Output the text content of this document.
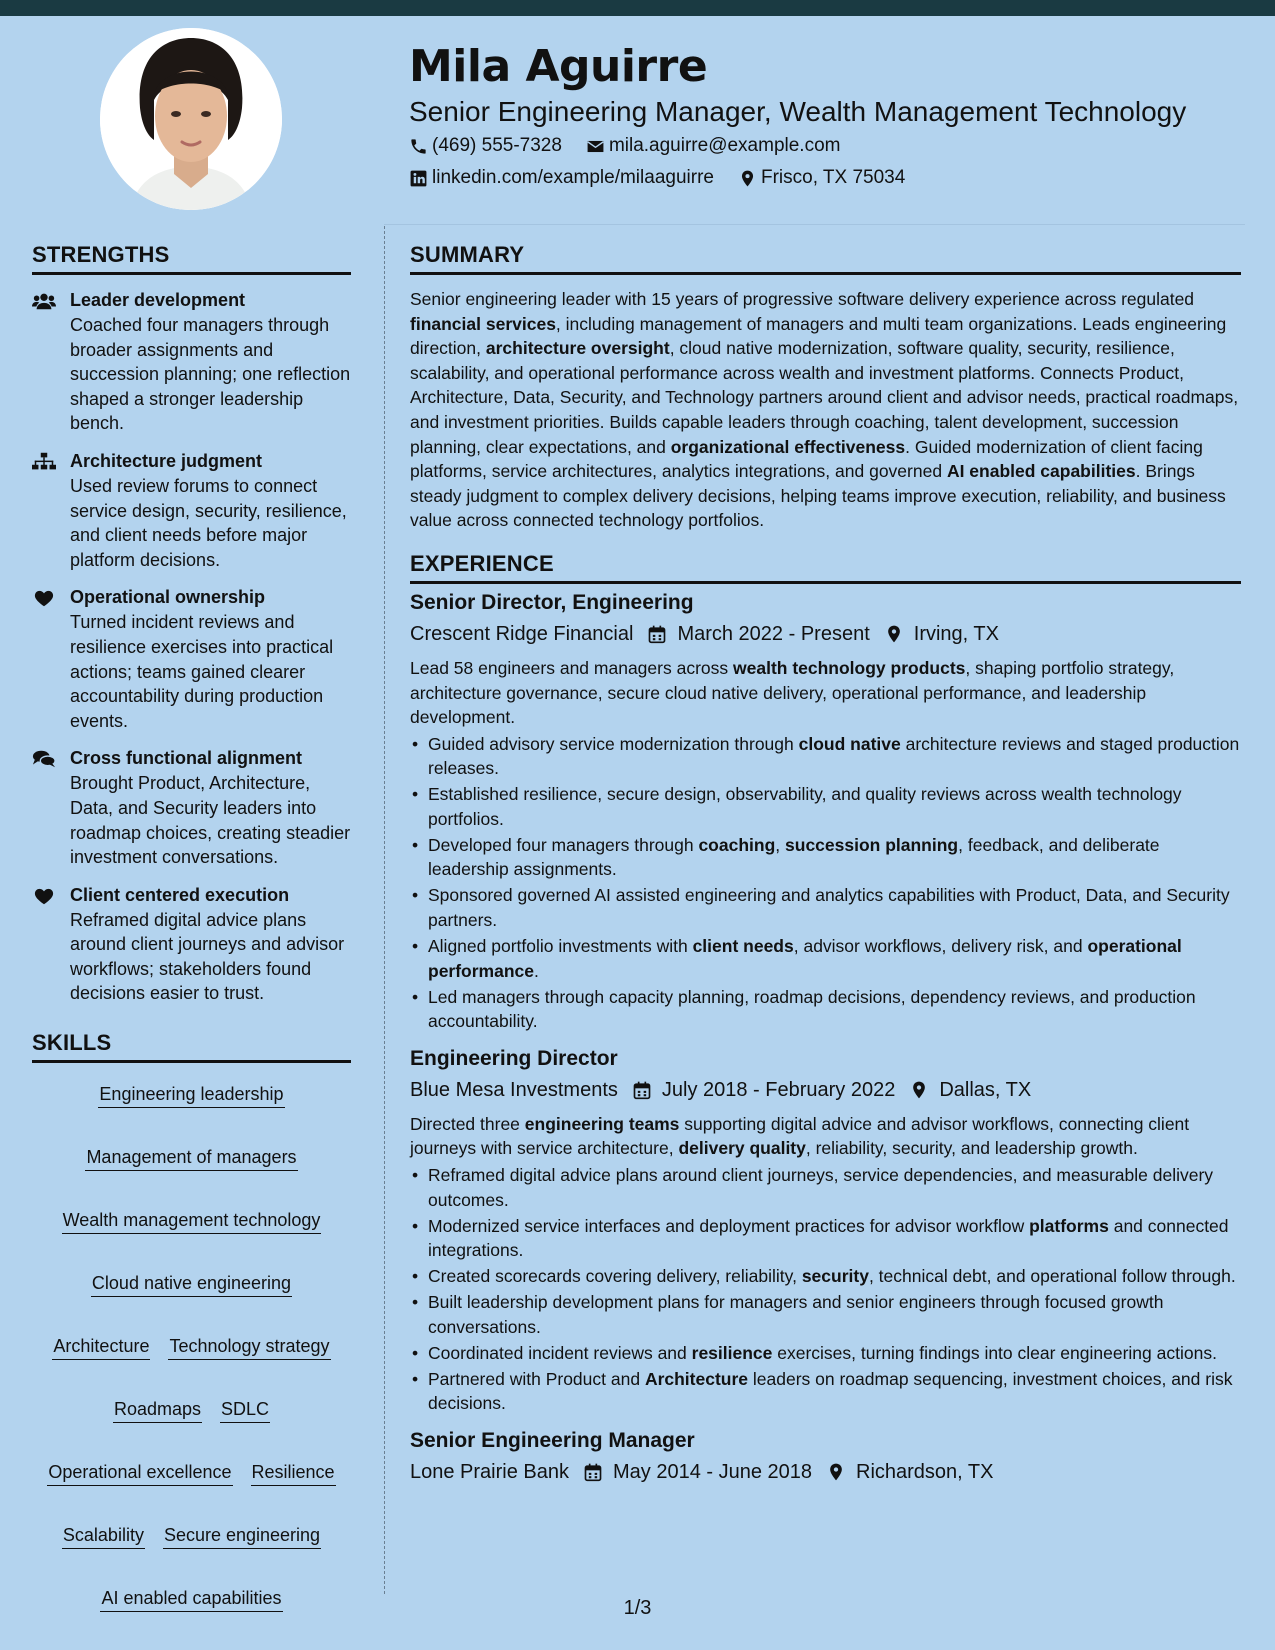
Mila Aguirre
Senior Engineering Manager, Wealth Management Technology
(469) 555-7328 mila.aguirre@example.com
linkedin.com/example/milaaguirre Frisco, TX 75034
STRENGTHS
Leader development
Coached four managers through broader assignments and succession planning; one reflection shaped a stronger leadership bench.
Architecture judgment
Used review forums to connect service design, security, resilience, and client needs before major platform decisions.
Operational ownership
Turned incident reviews and resilience exercises into practical actions; teams gained clearer accountability during production events.
Cross functional alignment
Brought Product, Architecture, Data, and Security leaders into roadmap choices, creating steadier investment conversations.
Client centered execution
Reframed digital advice plans around client journeys and advisor workflows; stakeholders found decisions easier to trust.
SKILLS
Engineering leadership
Management of managers
Wealth management technology
Cloud native engineering
Architecture Technology strategy
Roadmaps SDLC
Operational excellence Resilience
Scalability Secure engineering
AI enabled capabilities
SUMMARY
Senior engineering leader with 15 years of progressive software delivery experience across regulated financial services, including management of managers and multi team organizations. Leads engineering direction, architecture oversight, cloud native modernization, software quality, security, resilience, scalability, and operational performance across wealth and investment platforms. Connects Product, Architecture, Data, Security, and Technology partners around client and advisor needs, practical roadmaps, and investment priorities. Builds capable leaders through coaching, talent development, succession planning, clear expectations, and organizational effectiveness. Guided modernization of client facing platforms, service architectures, analytics integrations, and governed AI enabled capabilities. Brings steady judgment to complex delivery decisions, helping teams improve execution, reliability, and business value across connected technology portfolios.
EXPERIENCE
Senior Director, Engineering
Crescent Ridge Financial March 2022 - Present Irving, TX
Lead 58 engineers and managers across wealth technology products, shaping portfolio strategy, architecture governance, secure cloud native delivery, operational performance, and leadership development.
• Guided advisory service modernization through cloud native architecture reviews and staged production releases.
• Established resilience, secure design, observability, and quality reviews across wealth technology portfolios.
• Developed four managers through coaching, succession planning, feedback, and deliberate leadership assignments.
• Sponsored governed AI assisted engineering and analytics capabilities with Product, Data, and Security partners.
• Aligned portfolio investments with client needs, advisor workflows, delivery risk, and operational performance.
• Led managers through capacity planning, roadmap decisions, dependency reviews, and production accountability.
Engineering Director
Blue Mesa Investments July 2018 - February 2022 Dallas, TX
Directed three engineering teams supporting digital advice and advisor workflows, connecting client journeys with service architecture, delivery quality, reliability, security, and leadership growth.
• Reframed digital advice plans around client journeys, service dependencies, and measurable delivery outcomes.
• Modernized service interfaces and deployment practices for advisor workflow platforms and connected integrations.
• Created scorecards covering delivery, reliability, security, technical debt, and operational follow through.
• Built leadership development plans for managers and senior engineers through focused growth conversations.
• Coordinated incident reviews and resilience exercises, turning findings into clear engineering actions.
• Partnered with Product and Architecture leaders on roadmap sequencing, investment choices, and risk decisions.
Senior Engineering Manager
Lone Prairie Bank May 2014 - June 2018 Richardson, TX
1/3
